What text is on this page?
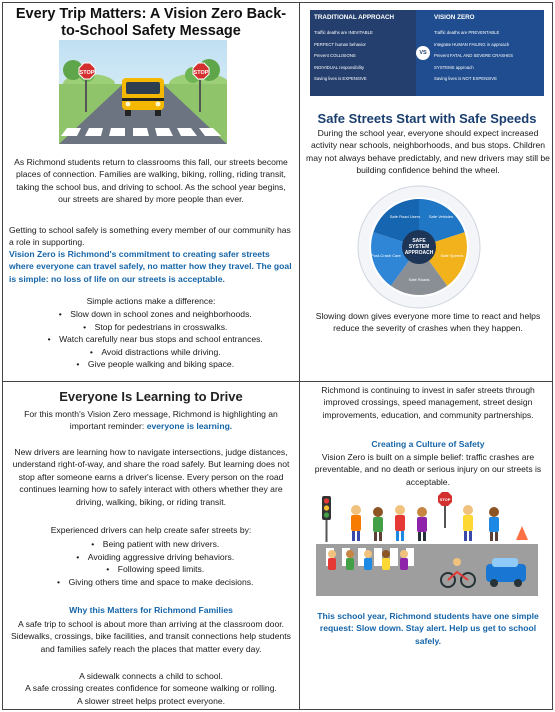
Every Trip Matters: A Vision Zero Back-to-School Safety Message
STOP	STOP
As Richmond students return to classrooms this fall, our streets become places of connection. Families are walking, biking, rolling, riding transit, taking the school bus, and driving to school. As the school year begins, our streets are shared by more people than ever.
Getting to school safely is something every member of our community has a role in supporting.
Vision Zero is Richmond's commitment to creating safer streets where everyone can travel safely, no matter how they travel. The goal is simple: no loss of life on our streets is acceptable.
Simple actions make a difference:
• Slow down in school zones and neighborhoods.
• Stop for pedestrians in crosswalks.
• Watch carefully near bus stops and school entrances.
• Avoid distractions while driving.
• Give people walking and biking space.
TRADITIONAL APPROACH	VISION ZERO
Traffic deaths are INEVITABLE
PERFECT human behavior
Prevent COLLISIONS
INDIVIDUAL responsibility
Saving lives is EXPENSIVE
Traffic deaths are PREVENTABLE
Integrate HUMAN FAILING in approach
Prevent FATAL AND SEVERE CRASHES
SYSTEMS approach
Saving lives is NOT EXPENSIVE
VS
Safe Streets Start with Safe Speeds
During the school year, everyone should expect increased activity near schools, neighborhoods, and bus stops. Children may not always behave predictably, and new drivers may still be building confidence behind the wheel.
SAFE
SYSTEM
APPROACH
Safe Road Users Safe Vehicles
Safe Speeds
Safe Roads
Post-Crash Care
Slowing down gives everyone more time to react and helps reduce the severity of crashes when they happen.
Everyone Is Learning to Drive
For this month's Vision Zero message, Richmond is highlighting an important reminder: everyone is learning.
New drivers are learning how to navigate intersections, judge distances, understand right-of-way, and share the road safely. But learning does not stop after someone earns a driver's license. Every person on the road continues learning how to safely interact with others whether they are driving, walking, biking, or riding transit.
Experienced drivers can help create safer streets by:
• Being patient with new drivers.
• Avoiding aggressive driving behaviors.
• Following speed limits.
• Giving others time and space to make decisions.
Why this Matters for Richmond Families
A safe trip to school is about more than arriving at the classroom door. Sidewalks, crossings, bike facilities, and transit connections help students and families safely reach the places that matter every day.
A sidewalk connects a child to school.
A safe crossing creates confidence for someone walking or rolling.
A slower street helps protect everyone.
Richmond is continuing to invest in safer streets through improved crossings, speed management, street design improvements, education, and community partnerships.
Creating a Culture of Safety
Vision Zero is built on a simple belief: traffic crashes are preventable, and no death or serious injury on our streets is acceptable.
STOP
This school year, Richmond students have one simple request: Slow down. Stay alert. Help us get to school safely.
